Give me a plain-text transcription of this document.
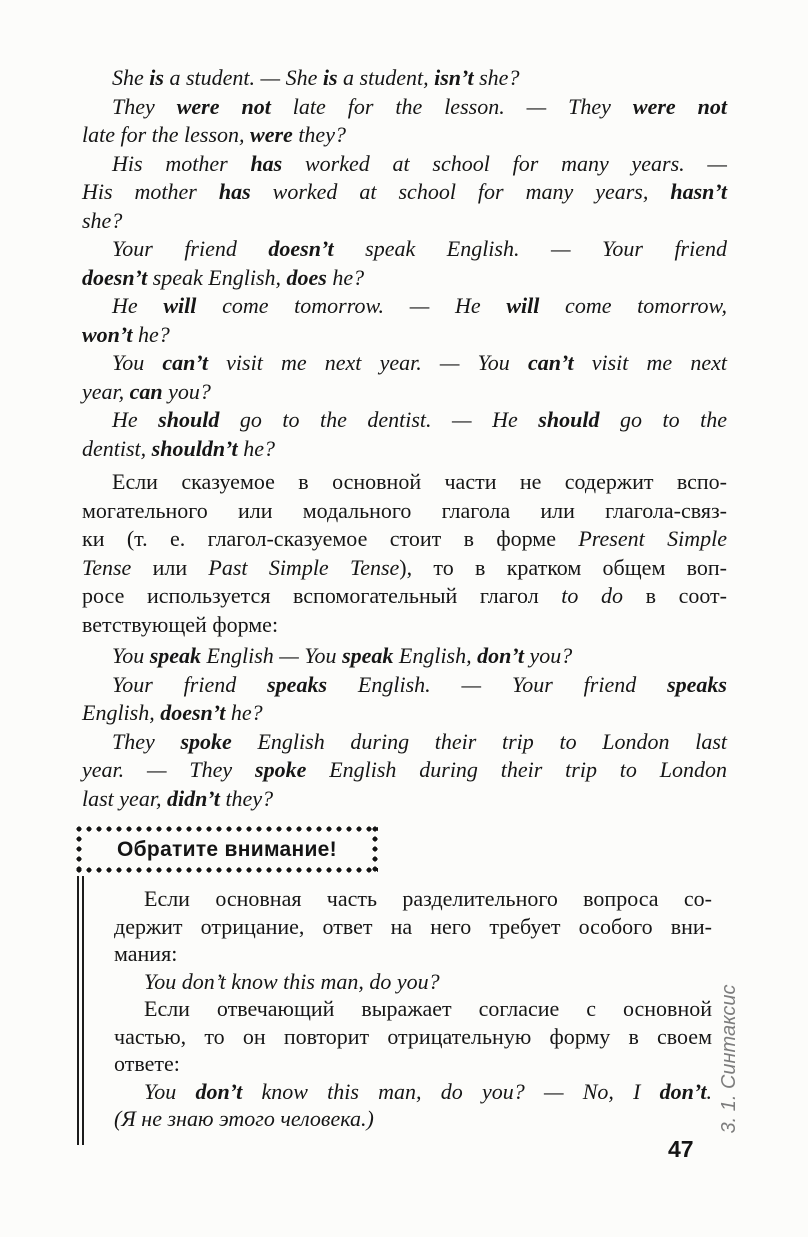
She is a student. — She is a student, isn’t she?
They were not late for the lesson. — They were not
late for the lesson, were they?
His mother has worked at school for many years. —
His mother has worked at school for many years, hasn’t
she?
Your friend doesn’t speak English. — Your friend
doesn’t speak English, does he?
He will come tomorrow. — He will come tomorrow,
won’t he?
You can’t visit me next year. — You can’t visit me next
year, can you?
He should go to the dentist. — He should go to the
dentist, shouldn’t he?
Если сказуемое в основной части не содержит вспо-
могательного или модального глагола или глагола-связ-
ки (т. е. глагол-сказуемое стоит в форме Present Simple
Tense или Past Simple Tense), то в кратком общем воп-
росе используется вспомогательный глагол to do в соот-
ветствующей форме:
You speak English — You speak English, don’t you?
Your friend speaks English. — Your friend speaks
English, doesn’t he?
They spoke English during their trip to London last
year. — They spoke English during their trip to London
last year, didn’t they?
Обратите внимание!
Если основная часть разделительного вопроса со-
держит отрицание, ответ на него требует особого вни-
мания:
You don’t know this man, do you?
Если отвечающий выражает согласие с основной
частью, то он повторит отрицательную форму в своем
ответе:
You don’t know this man, do you? — No, I don’t.
(Я не знаю этого человека.)	3. 1. Синтаксис
47
